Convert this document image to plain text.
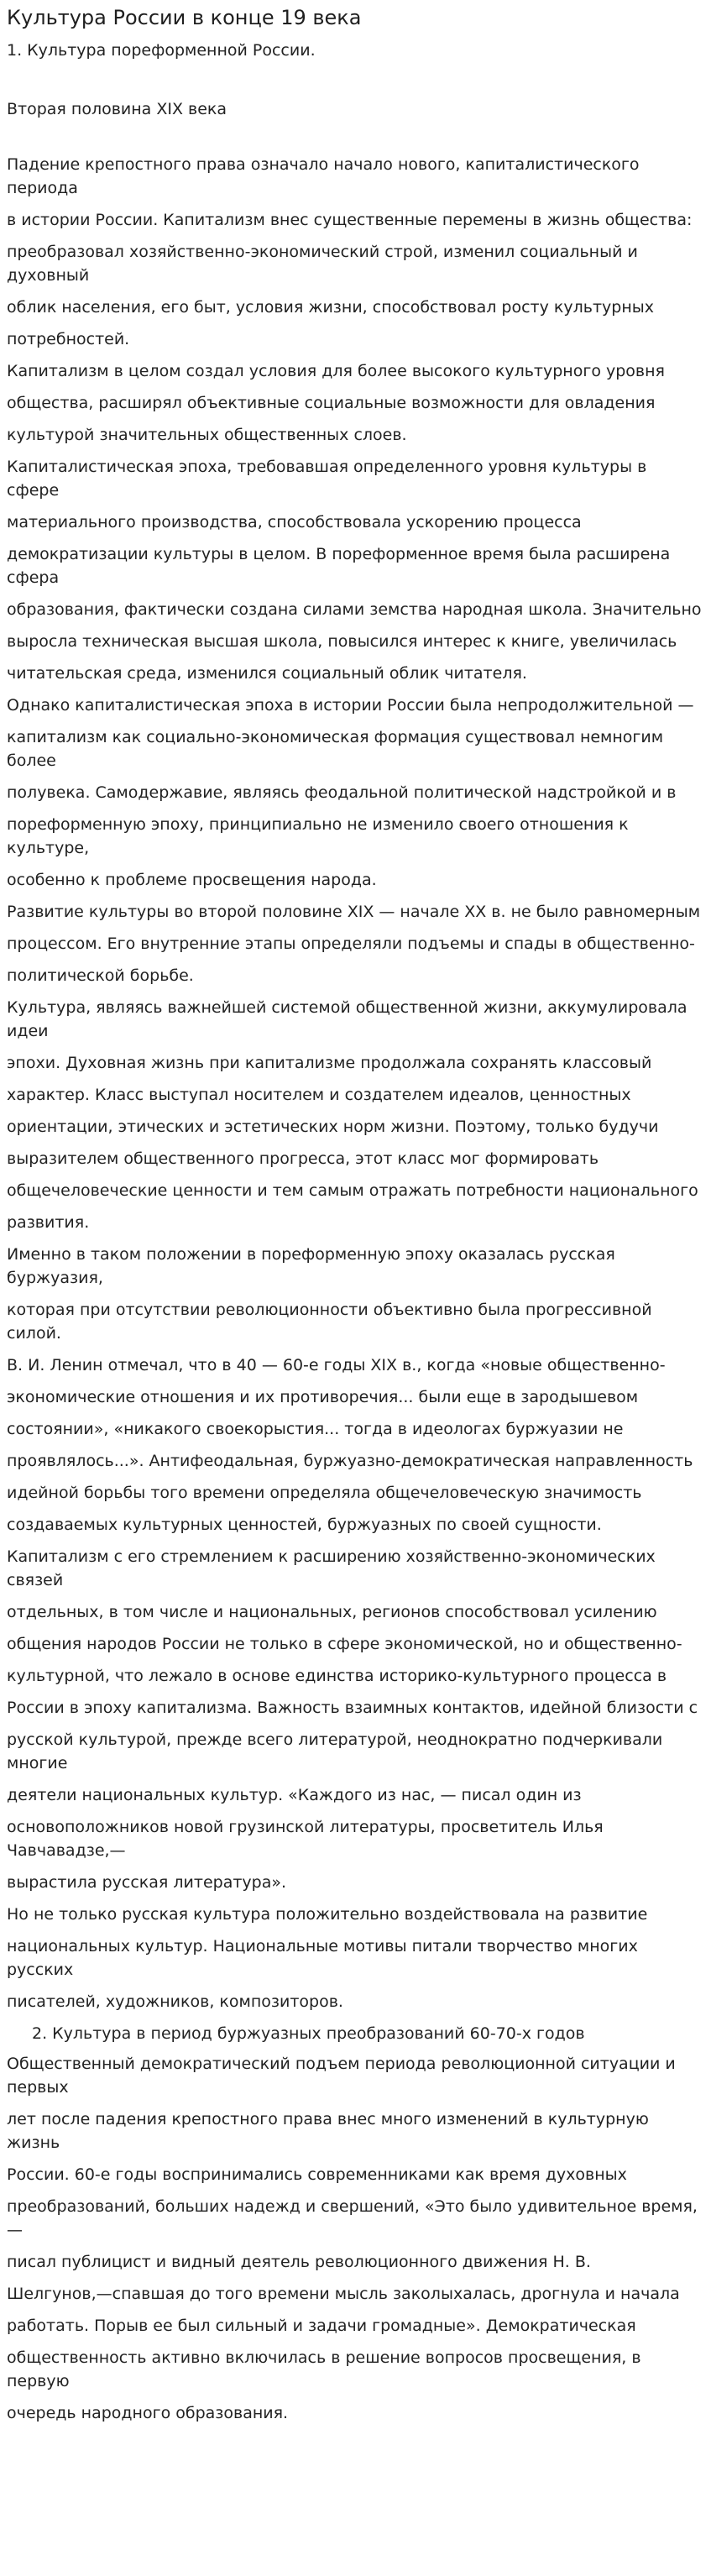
Культура России в конце 19 века
1. Культура пореформенной России.
Вторая половина XIX века
Падение крепостного права означало начало нового, капиталистического периода
в истории России. Капитализм внес существенные перемены в жизнь общества:
преобразовал хозяйственно-экономический строй, изменил социальный и духовный
облик населения, его быт, условия жизни, способствовал росту культурных
потребностей.
Капитализм в целом создал условия для более высокого культурного уровня
общества, расширял объективные социальные возможности для овладения
культурой значительных общественных слоев.
Капиталистическая эпоха, требовавшая определенного уровня культуры в сфере
материального производства, способствовала ускорению процесса
демократизации культуры в целом. В пореформенное время была расширена сфера
образования, фактически создана силами земства народная школа. Значительно
выросла техническая высшая школа, повысился интерес к книге, увеличилась
читательская среда, изменился социальный облик читателя.
Однако капиталистическая эпоха в истории России была непродолжительной —
капитализм как социально-экономическая формация существовал немногим более
полувека. Самодержавие, являясь феодальной политической надстройкой и в
пореформенную эпоху, принципиально не изменило своего отношения к культуре,
особенно к проблеме просвещения народа.
Развитие культуры во второй половине XIX — начале XX в. не было равномерным
процессом. Его внутренние этапы определяли подъемы и спады в общественно-
политической борьбе.
Культура, являясь важнейшей системой общественной жизни, аккумулировала идеи
эпохи. Духовная жизнь при капитализме продолжала сохранять классовый
характер. Класс выступал носителем и создателем идеалов, ценностных
ориентации, этических и эстетических норм жизни. Поэтому, только будучи
выразителем общественного прогресса, этот класс мог формировать
общечеловеческие ценности и тем самым отражать потребности национального
развития.
Именно в таком положении в пореформенную эпоху оказалась русская буржуазия,
которая при отсутствии революционности объективно была прогрессивной силой.
В. И. Ленин отмечал, что в 40 — 60-е годы XIX в., когда «новые общественно-
экономические отношения и их противоречия... были еще в зародышевом
состоянии», «никакого своекорыстия... тогда в идеологах буржуазии не
проявлялось...». Антифеодальная, буржуазно-демократическая направленность
идейной борьбы того времени определяла общечеловеческую значимость
создаваемых культурных ценностей, буржуазных по своей сущности.
Капитализм с его стремлением к расширению хозяйственно-экономических связей
отдельных, в том числе и национальных, регионов способствовал усилению
общения народов России не только в сфере экономической, но и общественно-
культурной, что лежало в основе единства историко-культурного процесса в
России в эпоху капитализма. Важность взаимных контактов, идейной близости с
русской культурой, прежде всего литературой, неоднократно подчеркивали многие
деятели национальных культур. «Каждого из нас, — писал один из
основоположников новой грузинской литературы, просветитель Илья Чавчавадзе,—
вырастила русская литература».
Но не только русская культура положительно воздействовала на развитие
национальных культур. Национальные мотивы питали творчество многих русских
писателей, художников, композиторов.
2. Культура в период буржуазных преобразований 60-70-х годов
Общественный демократический подъем периода революционной ситуации и первых
лет после падения крепостного права внес много изменений в культурную жизнь
России. 60-е годы воспринимались современниками как время духовных
преобразований, больших надежд и свершений, «Это было удивительное время, —
писал публицист и видный деятель революционного движения Н. В.
Шелгунов,—спавшая до того времени мысль заколыхалась, дрогнула и начала
работать. Порыв ее был сильный и задачи громадные». Демократическая
общественность активно включилась в решение вопросов просвещения, в первую
очередь народного образования.
